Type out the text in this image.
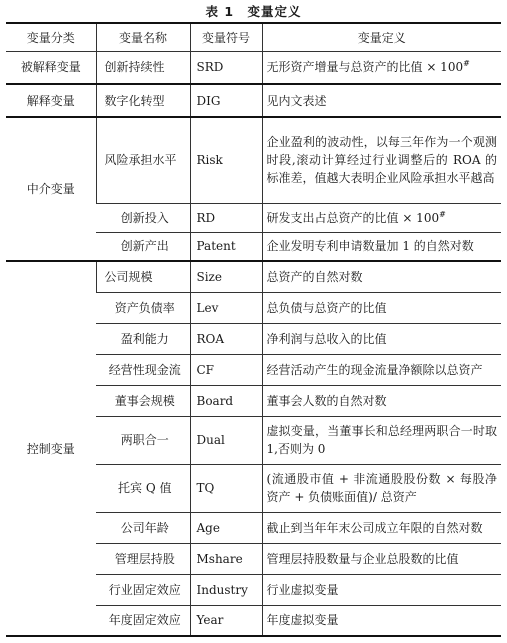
表 1　变量定义
变量分类	变量名称	变量符号	变量定义
被解释变量	创新持续性	SRD	无形资产增量与总资产的比值 × 100#
解释变量	数字化转型	DIG	见内文表述
中介变量	风险承担水平	Risk	企业盈利的波动性，以每三年作为一个观测时段,滚动计算经过行业调整后的 ROA 的标准差，值越大表明企业风险承担水平越高
	创新投入	RD	研发支出占总资产的比值 × 100#
	创新产出	Patent	企业发明专利申请数量加 1 的自然对数
控制变量	公司规模	Size	总资产的自然对数
	资产负债率	Lev	总负债与总资产的比值
	盈利能力	ROA	净利润与总收入的比值
	经营性现金流	CF	经营活动产生的现金流量净额除以总资产
	董事会规模	Board	董事会人数的自然对数
	两职合一	Dual	虚拟变量，当董事长和总经理两职合一时取 1,否则为 0
	托宾 Q 值	TQ	(流通股市值 + 非流通股股份数 × 每股净资产 + 负债账面值)/ 总资产
	公司年龄	Age	截止到当年年末公司成立年限的自然对数
	管理层持股	Mshare	管理层持股数量与企业总股数的比值
	行业固定效应	Industry	行业虚拟变量
	年度固定效应	Year	年度虚拟变量
